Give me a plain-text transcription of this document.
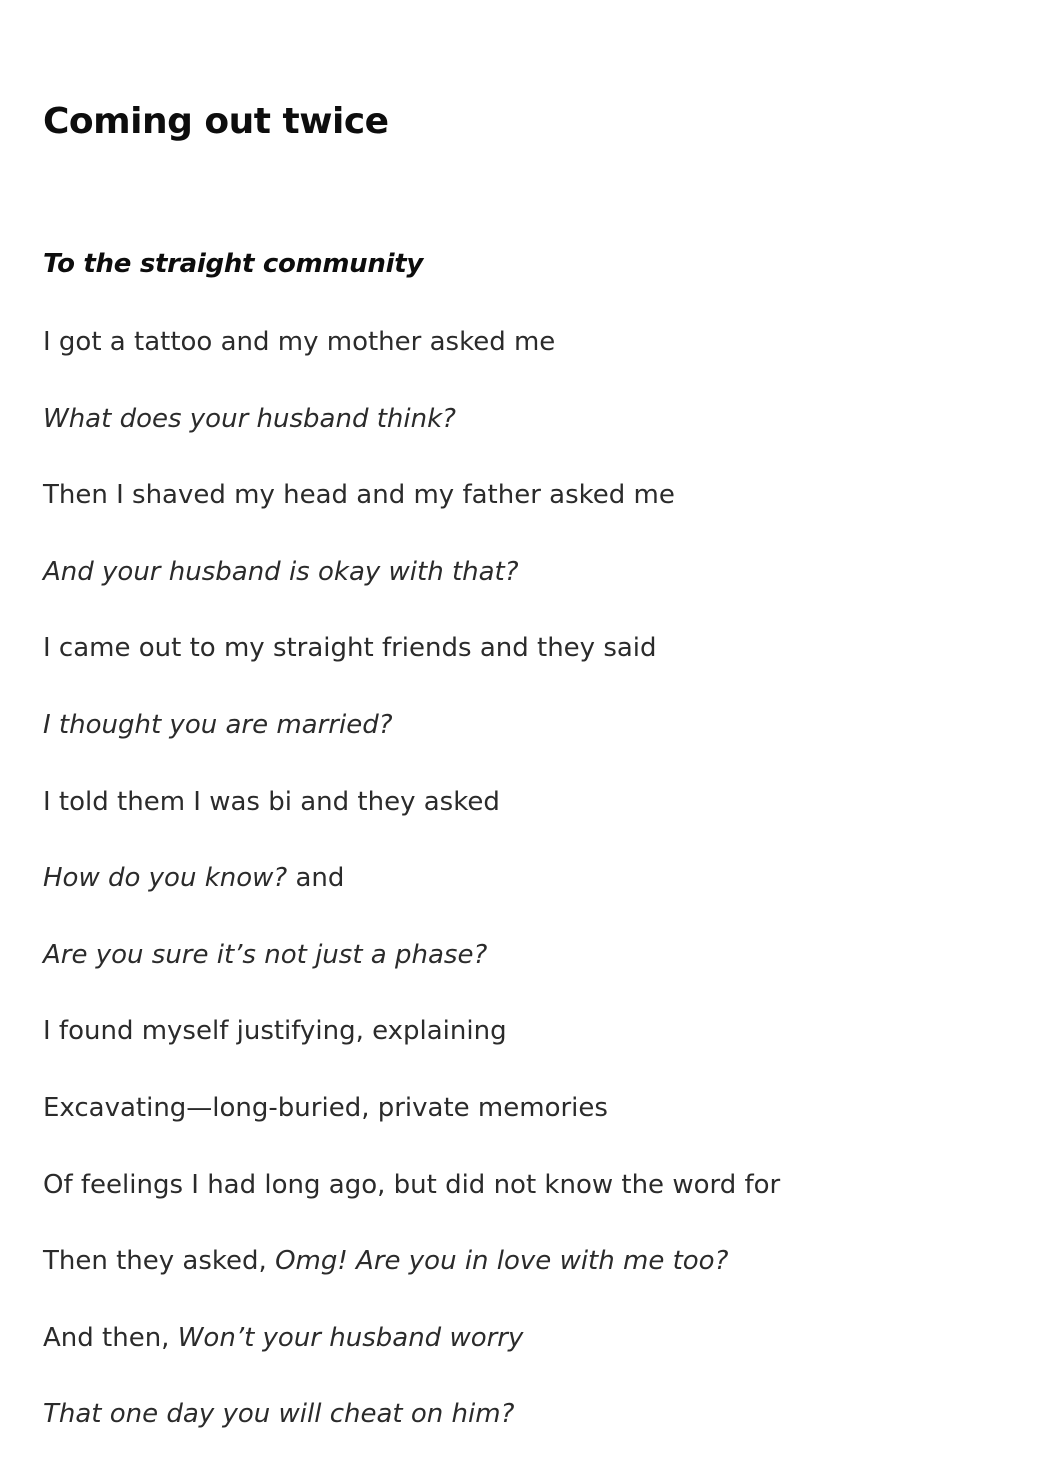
Coming out twice
To the straight community
I got a tattoo and my mother asked me
What does your husband think?
Then I shaved my head and my father asked me
And your husband is okay with that?
I came out to my straight friends and they said
I thought you are married?
I told them I was bi and they asked
How do you know? and
Are you sure it’s not just a phase?
I found myself justifying, explaining
Excavating—long-buried, private memories
Of feelings I had long ago, but did not know the word for
Then they asked, Omg! Are you in love with me too?
And then, Won’t your husband worry
That one day you will cheat on him?
